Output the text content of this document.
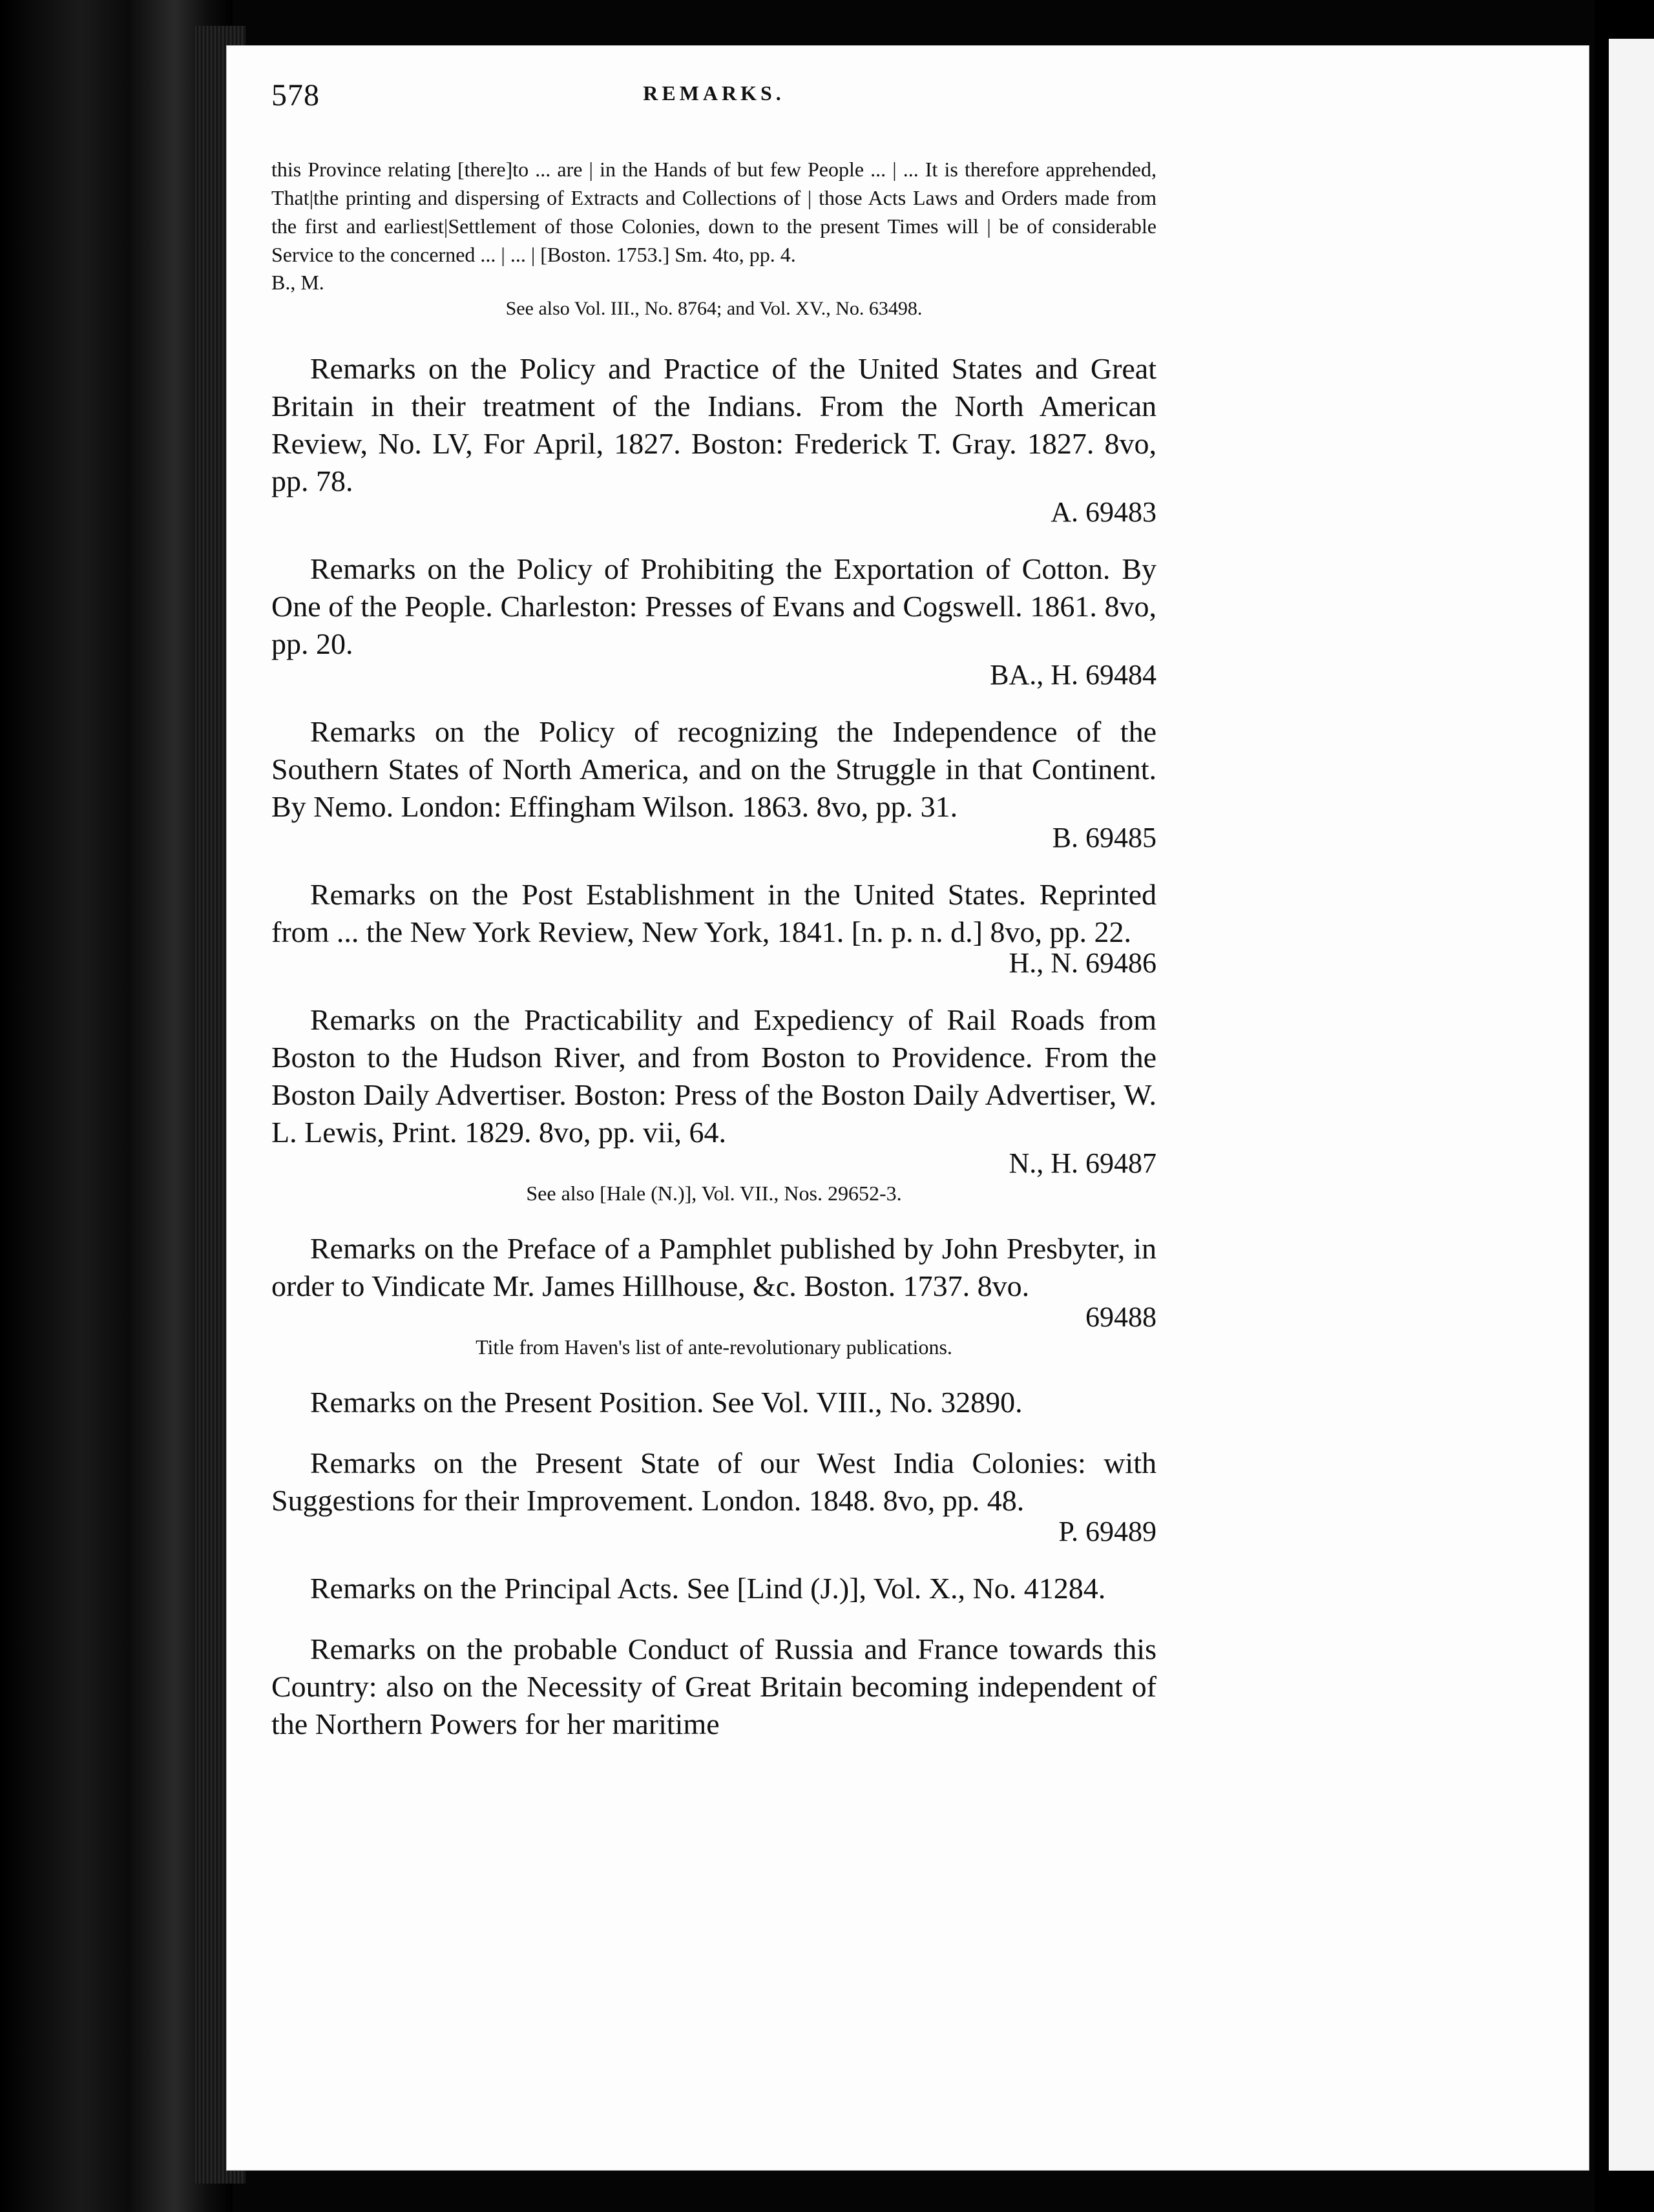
578	REMARKS.

this Province relating [there]to ... are | in the Hands of but few People ... | ... It is therefore apprehended, That|the printing and dispersing of Extracts and Collections of | those Acts Laws and Orders made from the first and earliest|Settlement of those Colonies, down to the present Times will | be of considerable Service to the concerned ... | ... | [Boston. 1753.] Sm. 4to, pp. 4.

B., M.

See also Vol. III., No. 8764; and Vol. XV., No. 63498.

Remarks on the Policy and Practice of the United States and Great Britain in their treatment of the Indians. From the North American Review, No. LV, For April, 1827. Boston: Frederick T. Gray. 1827. 8vo, pp. 78.

A. 69483

Remarks on the Policy of Prohibiting the Exportation of Cotton. By One of the People. Charleston: Presses of Evans and Cogswell. 1861. 8vo, pp. 20.

BA., H. 69484

Remarks on the Policy of recognizing the Independence of the Southern States of North America, and on the Struggle in that Continent. By Nemo. London: Effingham Wilson. 1863. 8vo, pp. 31.

B. 69485

Remarks on the Post Establishment in the United States. Reprinted from ... the New York Review, New York, 1841. [n. p. n. d.] 8vo, pp. 22.

H., N. 69486

Remarks on the Practicability and Expediency of Rail Roads from Boston to the Hudson River, and from Boston to Providence. From the Boston Daily Advertiser. Boston: Press of the Boston Daily Advertiser, W. L. Lewis, Print. 1829. 8vo, pp. vii, 64.

N., H. 69487

See also [Hale (N.)], Vol. VII., Nos. 29652-3.

Remarks on the Preface of a Pamphlet published by John Presbyter, in order to Vindicate Mr. James Hillhouse, &c. Boston. 1737. 8vo.

69488

Title from Haven's list of ante-revolutionary publications.

Remarks on the Present Position. See Vol. VIII., No. 32890.

Remarks on the Present State of our West India Colonies: with Suggestions for their Improvement. London. 1848. 8vo, pp. 48.

P. 69489

Remarks on the Principal Acts. See [Lind (J.)], Vol. X., No. 41284.

Remarks on the probable Conduct of Russia and France towards this Country: also on the Necessity of Great Britain becoming independent of the Northern Powers for her maritime
